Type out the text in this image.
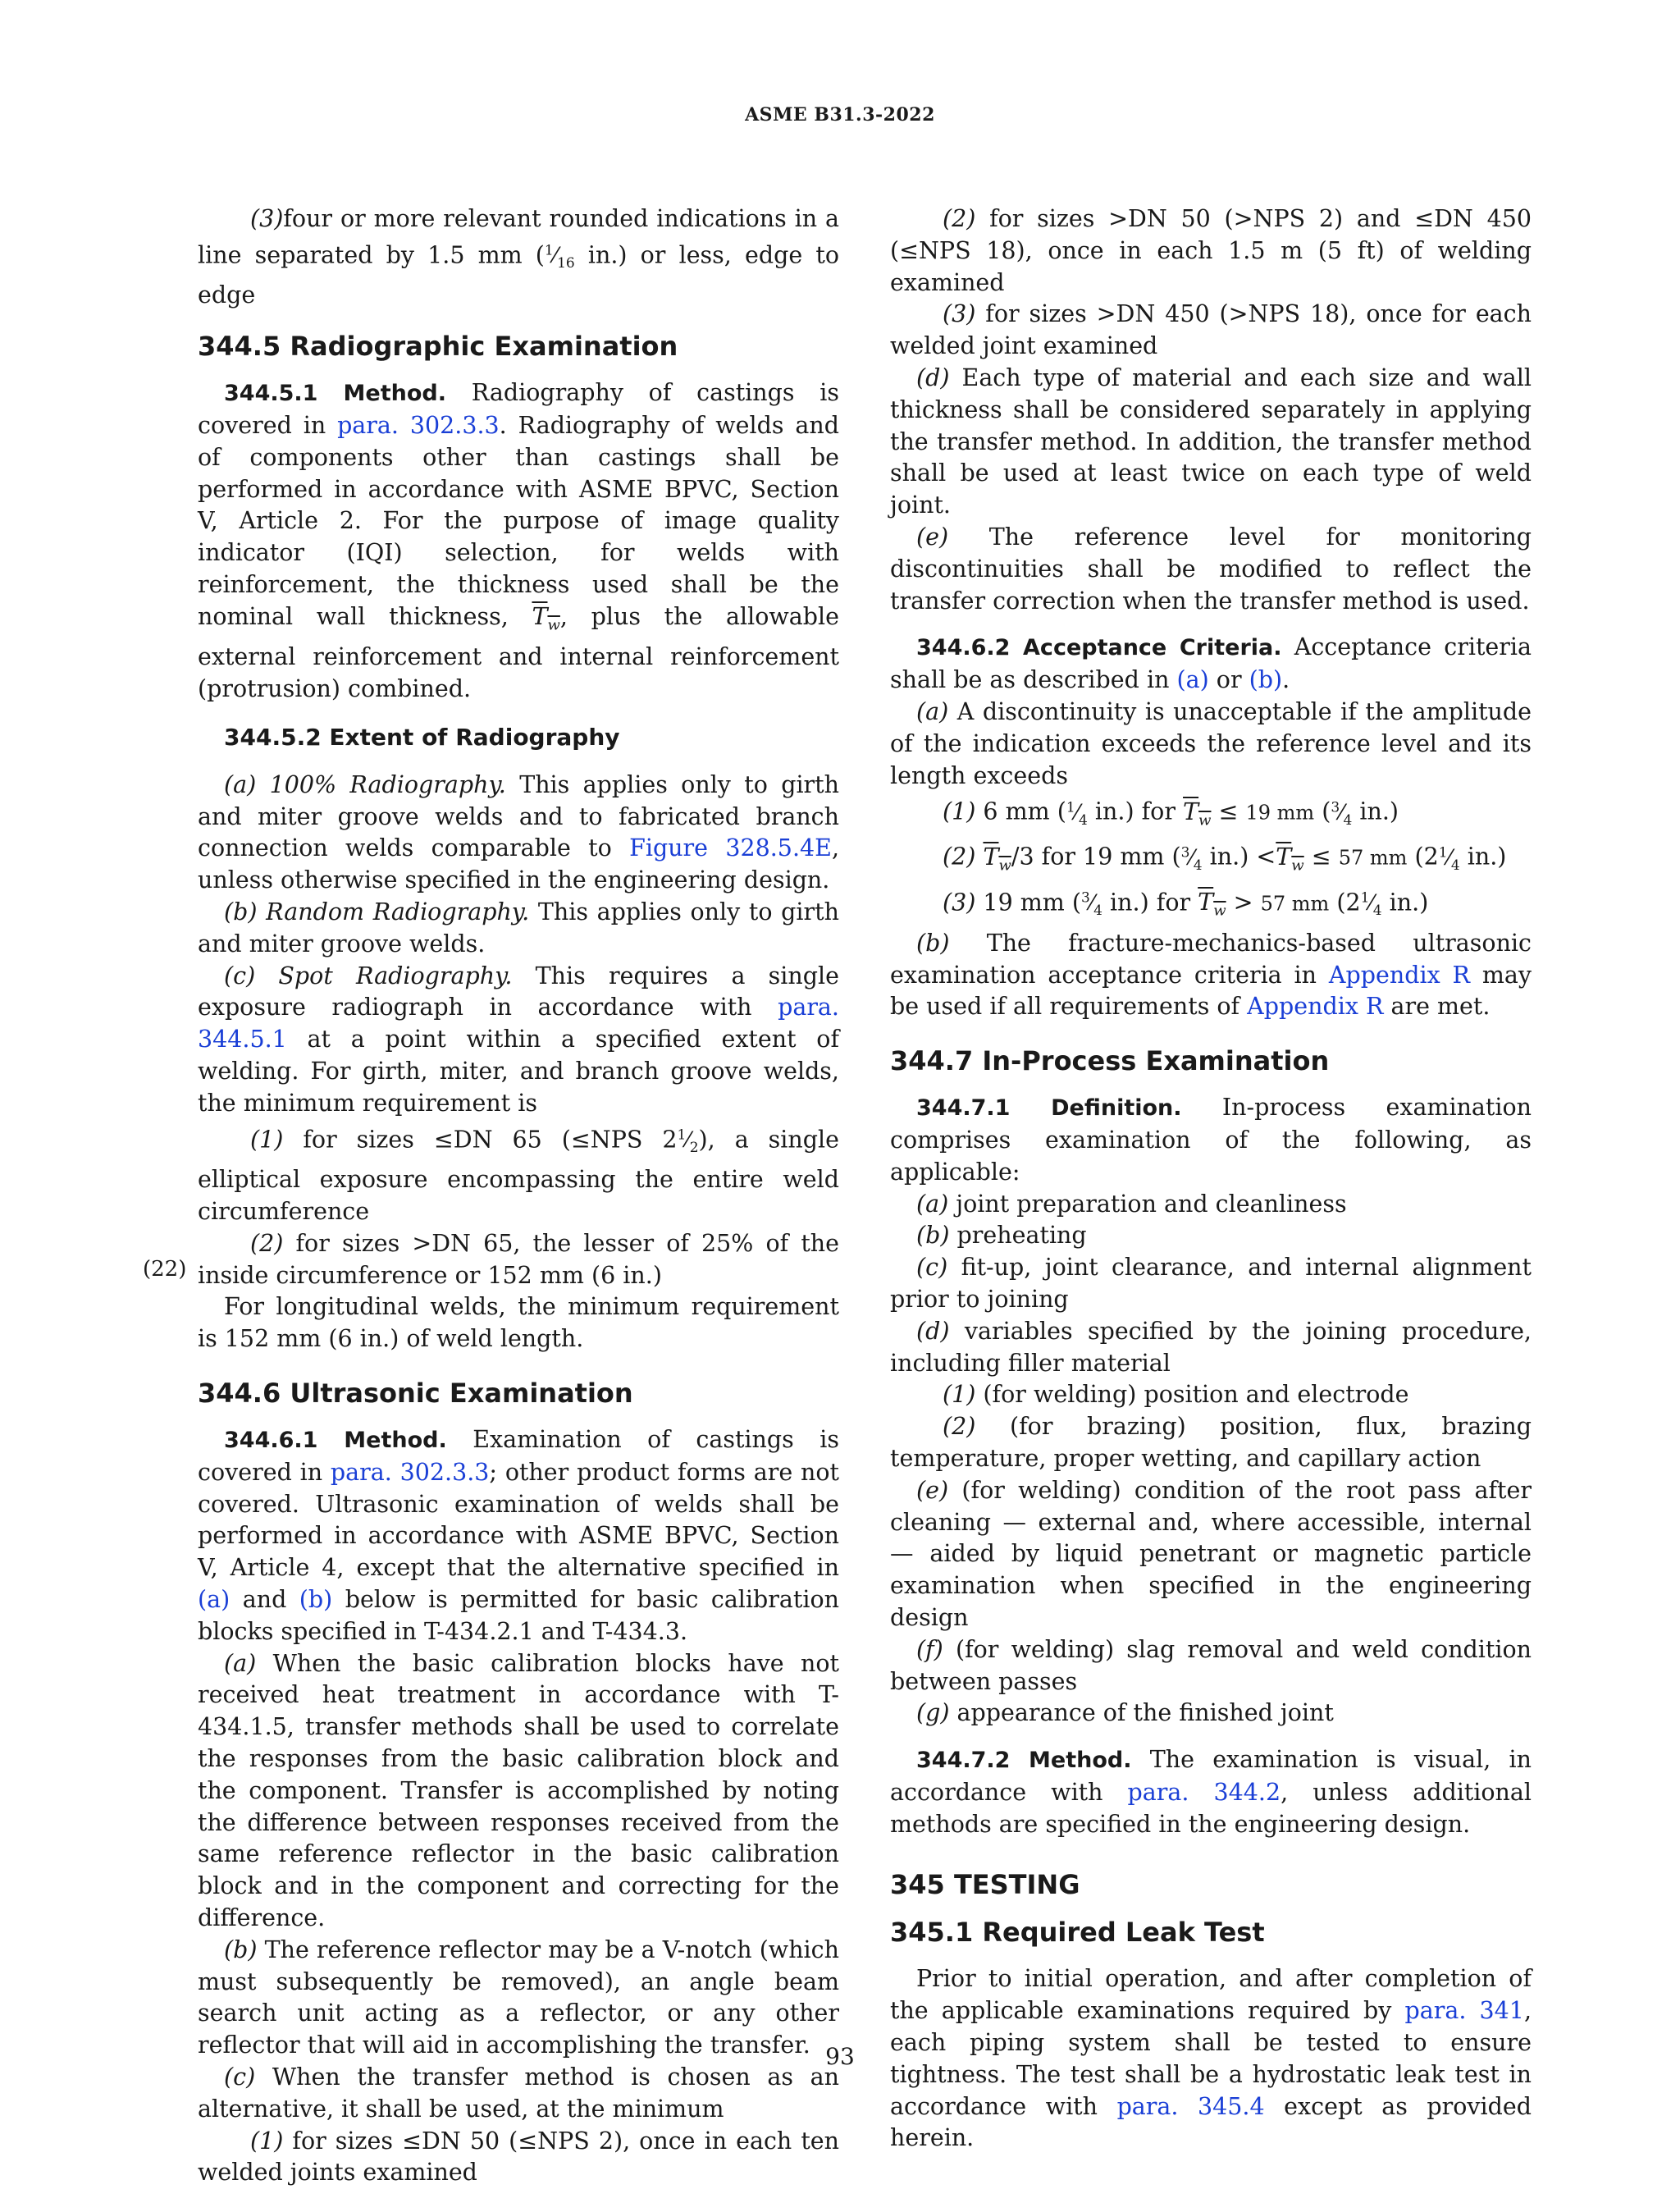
ASME B31.3-2022

(3)four or more relevant rounded indications in a line separated by 1.5 mm ($^1⁄_{16}$ in.) or less, edge to edge

344.5 Radiographic Examination

344.5.1 Method. Radiography of castings is covered in para. 302.3.3. Radiography of welds and of components other than castings shall be performed in accordance with ASME BPVC, Section V, Article 2. For the purpose of image quality indicator (IQI) selection, for welds with reinforcement, the thickness used shall be the nominal wall thickness, $T_w$, plus the allowable external reinforcement and internal reinforcement (protrusion) combined.

344.5.2 Extent of Radiography

(a) 100% Radiography. This applies only to girth and miter groove welds and to fabricated branch connection welds comparable to Figure 328.5.4E, unless otherwise specified in the engineering design.

(b) Random Radiography. This applies only to girth and miter groove welds.

(c) Spot Radiography. This requires a single exposure radiograph in accordance with para. 344.5.1 at a point within a specified extent of welding. For girth, miter, and branch groove welds, the minimum requirement is

(1) for sizes ≤DN 65 (≤NPS $2^1⁄_2$), a single elliptical exposure encompassing the entire weld circumference

(2) for sizes >DN 65, the lesser of 25% of the inside circumference or 152 mm (6 in.)

For longitudinal welds, the minimum requirement is 152 mm (6 in.) of weld length.

344.6 Ultrasonic Examination

344.6.1 Method. Examination of castings is covered in para. 302.3.3; other product forms are not covered. Ultrasonic examination of welds shall be performed in accordance with ASME BPVC, Section V, Article 4, except that the alternative specified in (a) and (b) below is permitted for basic calibration blocks specified in T-434.2.1 and T-434.3.

(a) When the basic calibration blocks have not received heat treatment in accordance with T-434.1.5, transfer methods shall be used to correlate the responses from the basic calibration block and the component. Transfer is accomplished by noting the difference between responses received from the same reference reflector in the basic calibration block and in the component and correcting for the difference.

(b) The reference reflector may be a V-notch (which must subsequently be removed), an angle beam search unit acting as a reflector, or any other reflector that will aid in accomplishing the transfer.

(c) When the transfer method is chosen as an alternative, it shall be used, at the minimum

(1) for sizes ≤DN 50 (≤NPS 2), once in each ten welded joints examined

(22)

(2) for sizes >DN 50 (>NPS 2) and ≤DN 450 (≤NPS 18), once in each 1.5 m (5 ft) of welding examined

(3) for sizes >DN 450 (>NPS 18), once for each welded joint examined

(d) Each type of material and each size and wall thickness shall be considered separately in applying the transfer method. In addition, the transfer method shall be used at least twice on each type of weld joint.

(e) The reference level for monitoring discontinuities shall be modified to reflect the transfer correction when the transfer method is used.

344.6.2 Acceptance Criteria. Acceptance criteria shall be as described in (a) or (b).

(a) A discontinuity is unacceptable if the amplitude of the indication exceeds the reference level and its length exceeds

(1) 6 mm ($^1⁄_4$ in.) for $T_w \le 19$ mm ($^3⁄_4$ in.)

(2) $T_w/3$ for 19 mm ($^3⁄_4$ $in.) <T_w \le 57$ mm ($2^1⁄_4$ in.)

(3) 19 mm ($^3⁄_4$ in.) for $T_w > 57$ mm ($2^1⁄_4$ in.)

(b) The fracture-mechanics-based ultrasonic examination acceptance criteria in Appendix R may be used if all requirements of Appendix R are met.

344.7 In-Process Examination

344.7.1 Definition. In-process examination comprises examination of the following, as applicable:

(a) joint preparation and cleanliness

(b) preheating

(c) fit-up, joint clearance, and internal alignment prior to joining

(d) variables specified by the joining procedure, including filler material

(1) (for welding) position and electrode

(2) (for brazing) position, flux, brazing temperature, proper wetting, and capillary action

(e) (for welding) condition of the root pass after cleaning — external and, where accessible, internal — aided by liquid penetrant or magnetic particle examination when specified in the engineering design

(f) (for welding) slag removal and weld condition between passes

(g) appearance of the finished joint

344.7.2 Method. The examination is visual, in accordance with para. 344.2, unless additional methods are specified in the engineering design.

345 TESTING
345.1 Required Leak Test

Prior to initial operation, and after completion of the applicable examinations required by para. 341, each piping system shall be tested to ensure tightness. The test shall be a hydrostatic leak test in accordance with para. 345.4 except as provided herein.

93
